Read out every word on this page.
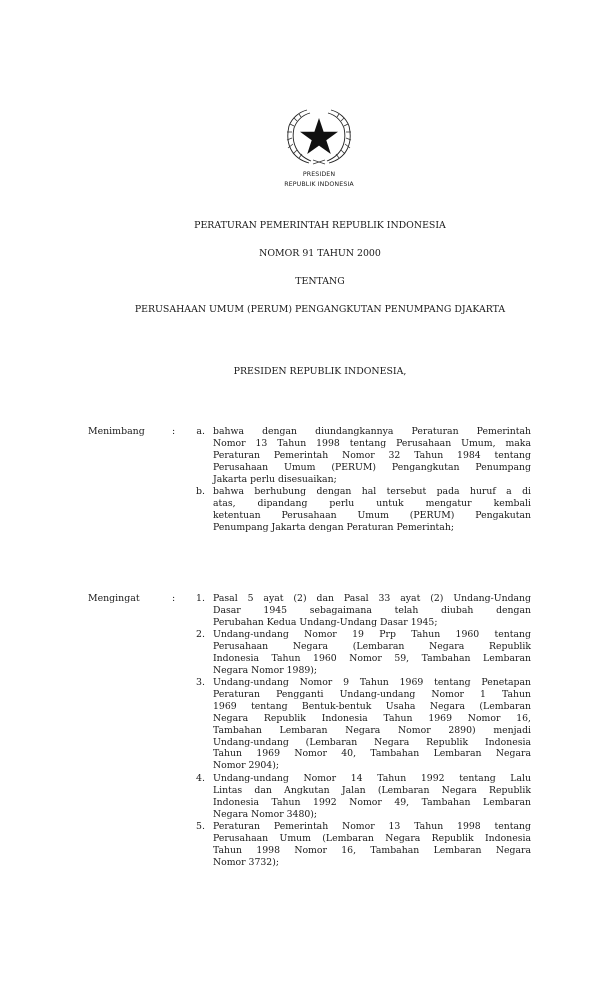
PRESIDEN
REPUBLIK INDONESIA
PERATURAN PEMERINTAH REPUBLIK INDONESIA
NOMOR 91 TAHUN 2000
TENTANG
PERUSAHAAN UMUM (PERUM) PENGANGKUTAN PENUMPANG DJAKARTA
PRESIDEN REPUBLIK INDONESIA,
Menimbang	:	a. bahwa dengan diundangkannya Peraturan Pemerintah
Nomor 13 Tahun 1998 tentang Perusahaan Umum, maka
Peraturan Pemerintah Nomor 32 Tahun 1984 tentang
Perusahaan Umum (PERUM) Pengangkutan Penumpang
Jakarta perlu disesuaikan;
b. bahwa berhubung dengan hal tersebut pada huruf a di
atas, dipandang perlu untuk mengatur kembali
ketentuan Perusahaan Umum (PERUM) Pengakutan
Penumpang Jakarta dengan Peraturan Pemerintah;
Mengingat	:	1. Pasal 5 ayat (2) dan Pasal 33 ayat (2) Undang-Undang
Dasar 1945 sebagaimana telah diubah dengan
Perubahan Kedua Undang-Undang Dasar 1945;
2. Undang-undang Nomor 19 Prp Tahun 1960 tentang
Perusahaan Negara (Lembaran Negara Republik
Indonesia Tahun 1960 Nomor 59, Tambahan Lembaran
Negara Nomor 1989);
3. Undang-undang Nomor 9 Tahun 1969 tentang Penetapan
Peraturan Pengganti Undang-undang Nomor 1 Tahun
1969 tentang Bentuk-bentuk Usaha Negara (Lembaran
Negara Republik Indonesia Tahun 1969 Nomor 16,
Tambahan Lembaran Negara Nomor 2890) menjadi
Undang-undang (Lembaran Negara Republik Indonesia
Tahun 1969 Nomor 40, Tambahan Lembaran Negara
Nomor 2904);
4. Undang-undang Nomor 14 Tahun 1992 tentang Lalu
Lintas dan Angkutan Jalan (Lembaran Negara Republik
Indonesia Tahun 1992 Nomor 49, Tambahan Lembaran
Negara Nomor 3480);
5. Peraturan Pemerintah Nomor 13 Tahun 1998 tentang
Perusahaan Umum (Lembaran Negara Republik Indonesia
Tahun 1998 Nomor 16, Tambahan Lembaran Negara
Nomor 3732);
